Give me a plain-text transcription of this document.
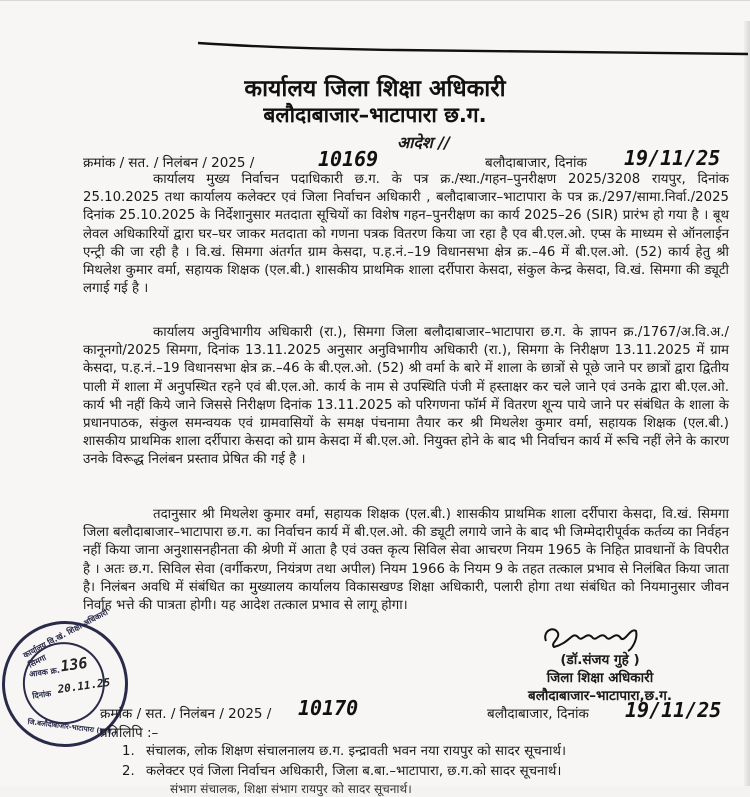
कार्यालय जिला शिक्षा अधिकारी
बलौदाबाजार–भाटापारा छ.ग.
आदेश //
क्रमांक / सत. / निलंबन / 2025 /	10169	बलौदाबाजार, दिनांक 19/11/25

कार्यालय मुख्य निर्वाचन पदाधिकारी छ.ग. के पत्र क्र./स्था./गहन–पुनरीक्षण 2025/3208 रायपुर, दिनांक 25.10.2025 तथा कार्यालय कलेक्टर एवं जिला निर्वाचन अधिकारी , बलौदाबाजार–भाटापारा के पत्र क्र./297/सामा.निर्वा./2025 दिनांक 25.10.2025 के निर्देशानुसार मतदाता सूचियों का विशेष गहन–पुनरीक्षण का कार्य 2025–26 (SIR) प्रारंभ हो गया है । बूथ लेवल अधिकारियों द्वारा घर–घर जाकर मतदाता को गणना पत्रक वितरण किया जा रहा है एव बी.एल.ओ. एप्स के माध्यम से ऑनलाईन एन्ट्री की जा रही है । वि.खं. सिमगा अंतर्गत ग्राम केसदा, प.ह.नं.–19 विधानसभा क्षेत्र क्र.–46 में बी.एल.ओ. (52) कार्य हेतु श्री मिथलेश कुमार वर्मा, सहायक शिक्षक (एल.बी.) शासकीय प्राथमिक शाला दर्रीपारा केसदा, संकुल केन्द्र केसदा, वि.खं. सिमगा की ड्यूटी लगाई गई है ।

कार्यालय अनुविभागीय अधिकारी (रा.), सिमगा जिला बलौदाबाजार–भाटापारा छ.ग. के ज्ञापन क्र./1767/अ.वि.अ./कानूनगो/2025 सिमगा, दिनांक 13.11.2025 अनुसार अनुविभागीय अधिकारी (रा.), सिमगा के निरीक्षण 13.11.2025 में ग्राम केसदा, प.ह.नं.–19 विधानसभा क्षेत्र क्र.–46 के बी.एल.ओ. (52) श्री वर्मा के बारे में शाला के छात्रों से पूछे जाने पर छात्रों द्वारा द्वितीय पाली में शाला में अनुपस्थित रहने एवं बी.एल.ओ. कार्य के नाम से उपस्थिति पंजी में हस्ताक्षर कर चले जाने एवं उनके द्वारा बी.एल.ओ. कार्य भी नहीं किये जाने जिससे निरीक्षण दिनांक 13.11.2025 को परिगणना फॉर्म में वितरण शून्य पाये जाने पर संबंधित के शाला के प्रधानपाठक, संकुल समन्वयक एवं ग्रामवासियों के समक्ष पंचनामा तैयार कर श्री मिथलेश कुमार वर्मा, सहायक शिक्षक (एल.बी.) शासकीय प्राथमिक शाला दर्रीपारा केसदा को ग्राम केसदा में बी.एल.ओ. नियुक्त होने के बाद भी निर्वाचन कार्य में रूचि नहीं लेने के कारण उनके विरूद्ध निलंबन प्रस्ताव प्रेषित की गई है ।

तदानुसार श्री मिथलेश कुमार वर्मा, सहायक शिक्षक (एल.बी.) शासकीय प्राथमिक शाला दर्रीपारा केसदा, वि.खं. सिमगा जिला बलौदाबाजार–भाटापारा छ.ग. का निर्वाचन कार्य में बी.एल.ओ. की ड्यूटी लगाये जाने के बाद भी जिम्मेदारीपूर्वक कर्तव्य का निर्वहन नहीं किया जाना अनुशासनहीनता की श्रेणी में आता है एवं उक्त कृत्य सिविल सेवा आचरण नियम 1965 के निहित प्रावधानों के विपरीत है । अतः छ.ग. सिविल सेवा (वर्गीकरण, नियंत्रण तथा अपील) नियम 1966 के नियम 9 के तहत तत्काल प्रभाव से निलंबित किया जाता है। निलंबन अवधि में संबंधित का मुख्यालय कार्यालय विकासखण्ड शिक्षा अधिकारी, पलारी होगा तथा संबंधित को नियमानुसार जीवन निर्वाह भत्ते की पात्रता होगी। यह आदेश तत्काल प्रभाव से लागू होगा।

(डॉ.संजय गुहे )
जिला शिक्षा अधिकारी
बलौदाबाजार–भाटापारा,छ.ग.
कार्यालय वि.खं. शिक्षा अधिकारी सिमगा
जि.बलौदाबाजार-भाटापारा (छ.ग.)
आवक क्र.
136
दिनांक 20.11.25
क्रमांक / सत. / निलंबन / 2025 / 10170	बलौदाबाजार, दिनांक 19/11/25
प्रतिलिपि :–
1. संचालक, लोक शिक्षण संचालनालय छ.ग. इन्द्रावती भवन नया रायपुर को सादर सूचनार्थ।
2. कलेक्टर एवं जिला निर्वाचन अधिकारी, जिला ब.बा.–भाटापारा, छ.ग.को सादर सूचनार्थ।
संभाग संचालक, शिक्षा संभाग रायपुर को सादर सूचनार्थ।
